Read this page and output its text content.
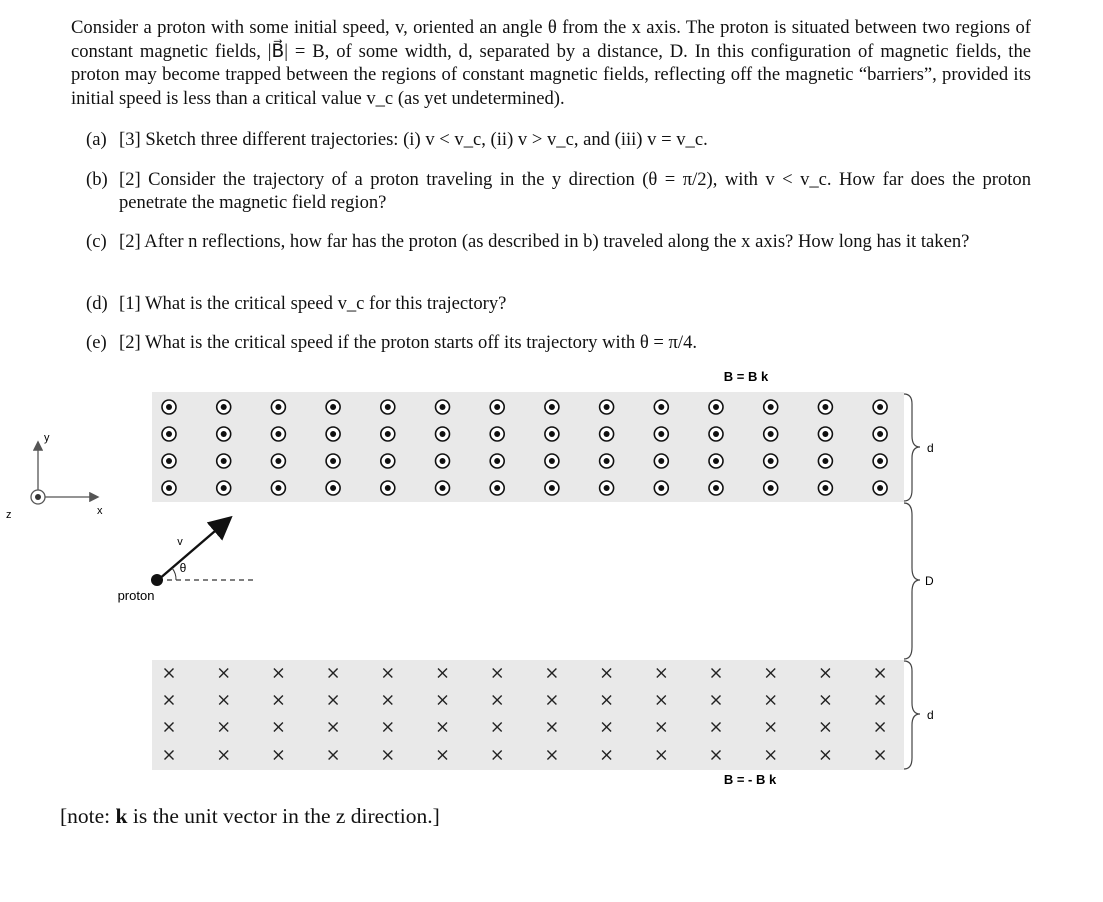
Consider a proton with some initial speed, v, oriented an angle θ from the x axis. The proton is situated between two regions of constant magnetic fields, |B⃗| = B, of some width, d, separated by a distance, D. In this configuration of magnetic fields, the proton may become trapped between the regions of constant magnetic fields, reflecting off the magnetic “barriers”, provided its initial speed is less than a critical value v_c (as yet undetermined).

(a) [3] Sketch three different trajectories: (i) v < v_c, (ii) v > v_c, and (iii) v = v_c.
(b) [2] Consider the trajectory of a proton traveling in the y direction (θ = π/2), with v < v_c. How far does the proton penetrate the magnetic field region?
(c) [2] After n reflections, how far has the proton (as described in b) traveled along the x axis? How long has it taken?
(d) [1] What is the critical speed v_c for this trajectory?
(e) [2] What is the critical speed if the proton starts off its trajectory with θ = π/4.
B = B k
B = - B k
y
x
z
v
θ
proton
d
D
d
[note: k is the unit vector in the z direction.]
